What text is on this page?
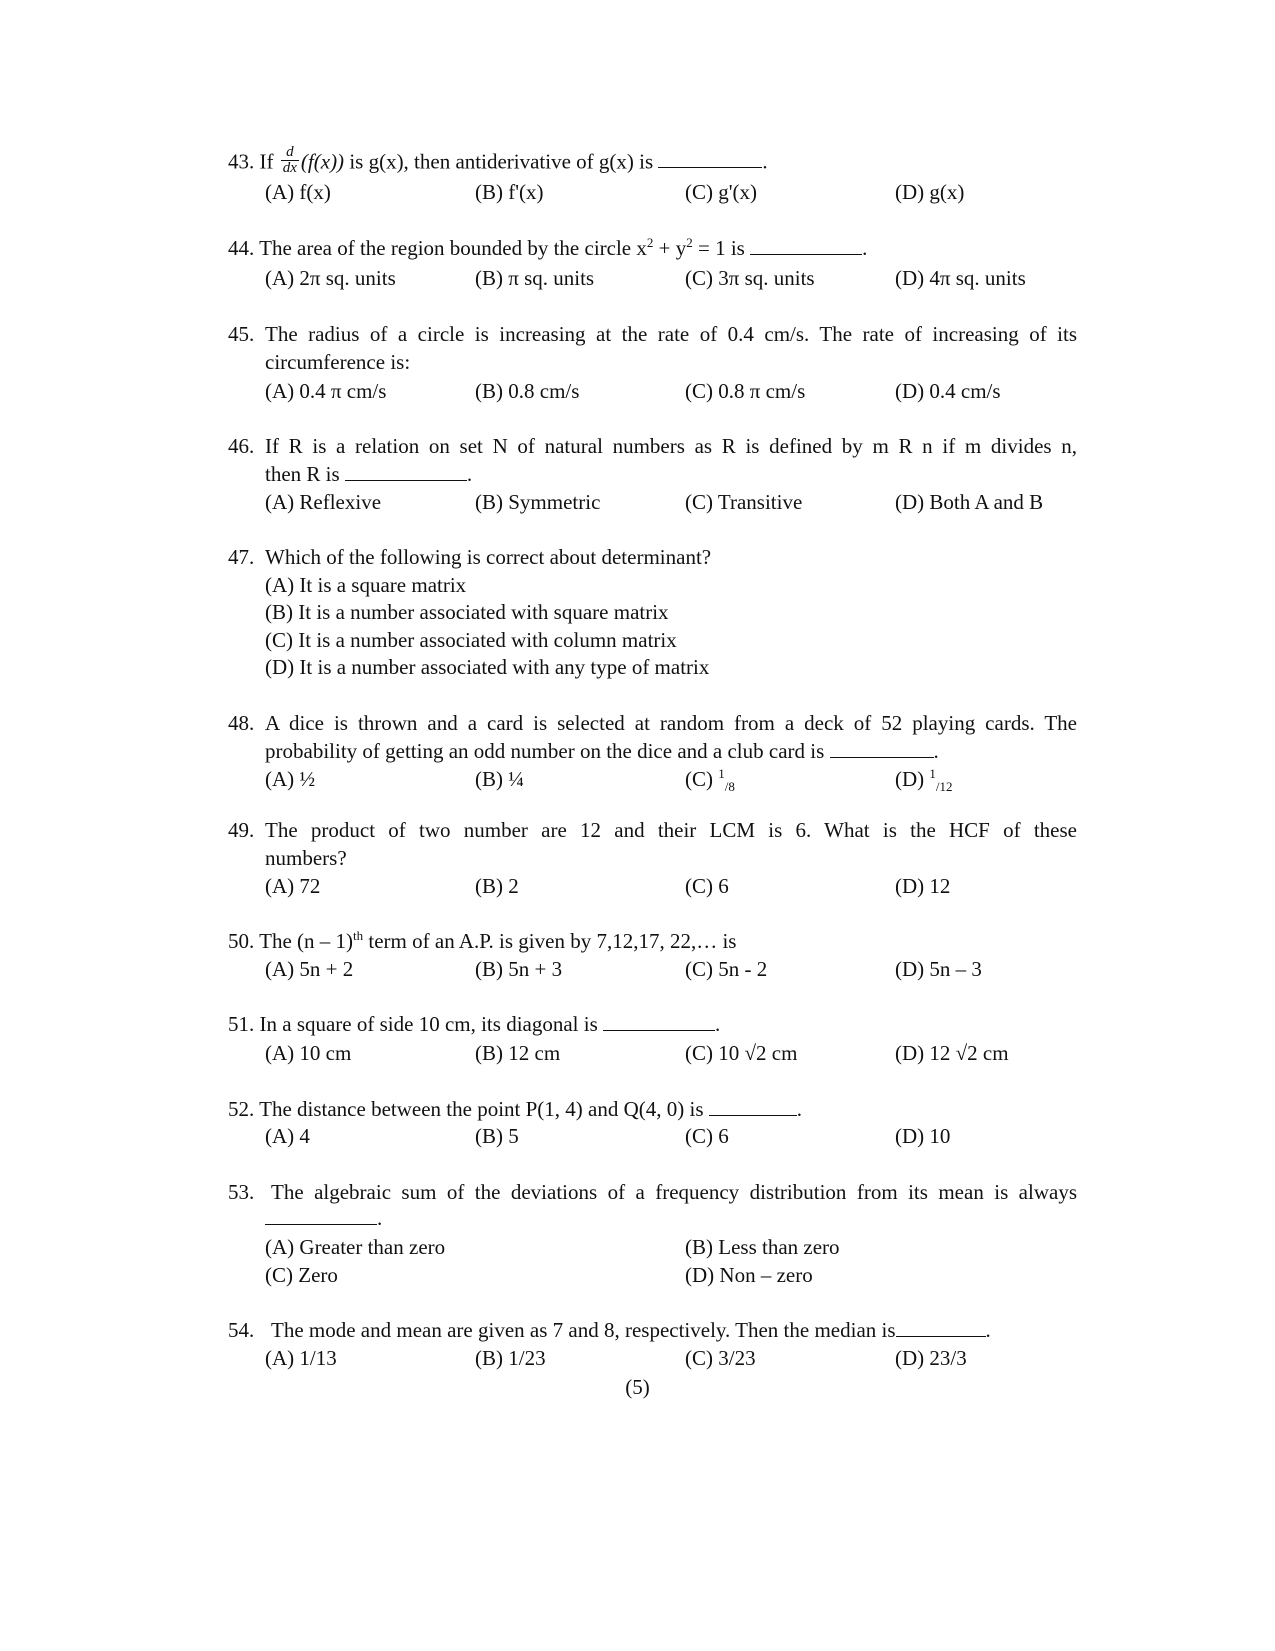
43. If $\frac{d}{dx} (f(x))$ is g(x), then antiderivative of g(x) is	.
(A) f(x)	(B) f'(x)	(C) g'(x)	(D) g(x)
44. The area of the region bounded by the circle $x^2 + y^2 = 1$ is	.
(A) 2π sq. units	(B) π sq. units	(C) 3π sq. units	(D) 4π sq. units
45. The radius of a circle is increasing at the rate of 0.4 cm/s. The rate of increasing of its
circumference is:
(A) 0.4 π cm/s	(B) 0.8 cm/s	(C) 0.8 π cm/s	(D) 0.4 cm/s
46. If R is a relation on set N of natural numbers as R is defined by m R n if m divides n,
then R is	.
(A) Reflexive	(B) Symmetric	(C) Transitive	(D) Both A and B
47. Which of the following is correct about determinant?
(A) It is a square matrix
(B) It is a number associated with square matrix
(C) It is a number associated with column matrix
(D) It is a number associated with any type of matrix
48. A dice is thrown and a card is selected at random from a deck of 52 playing cards. The
probability of getting an odd number on the dice and a club card is	.
(A) ½	(B) ¼	(C) $^1_{/8}$	(D) $^1_{/12}$
49. The product of two number are 12 and their LCM is 6. What is the HCF of these
numbers?
(A) 72	(B) 2	(C) 6	(D) 12
50. The (n – 1)$^{th}$ term of an A.P. is given by 7,12,17, 22,… is
(A) 5n + 2	(B) 5n + 3	(C) 5n - 2	(D) 5n – 3
51. In a square of side 10 cm, its diagonal is	.
(A) 10 cm	(B) 12 cm	(C) 10 √2 cm	(D) 12 √2 cm
52. The distance between the point P(1, 4) and Q(4, 0) is	.
(A) 4	(B) 5	(C) 6	(D) 10
53. The algebraic sum of the deviations of a frequency distribution from its mean is always
.
(A) Greater than zero	(B) Less than zero
(C) Zero	(D) Non – zero
54. The mode and mean are given as 7 and 8, respectively. Then the median is	.
(A) 1/13	(B) 1/23	(C) 3/23	(D) 23/3
(5)
